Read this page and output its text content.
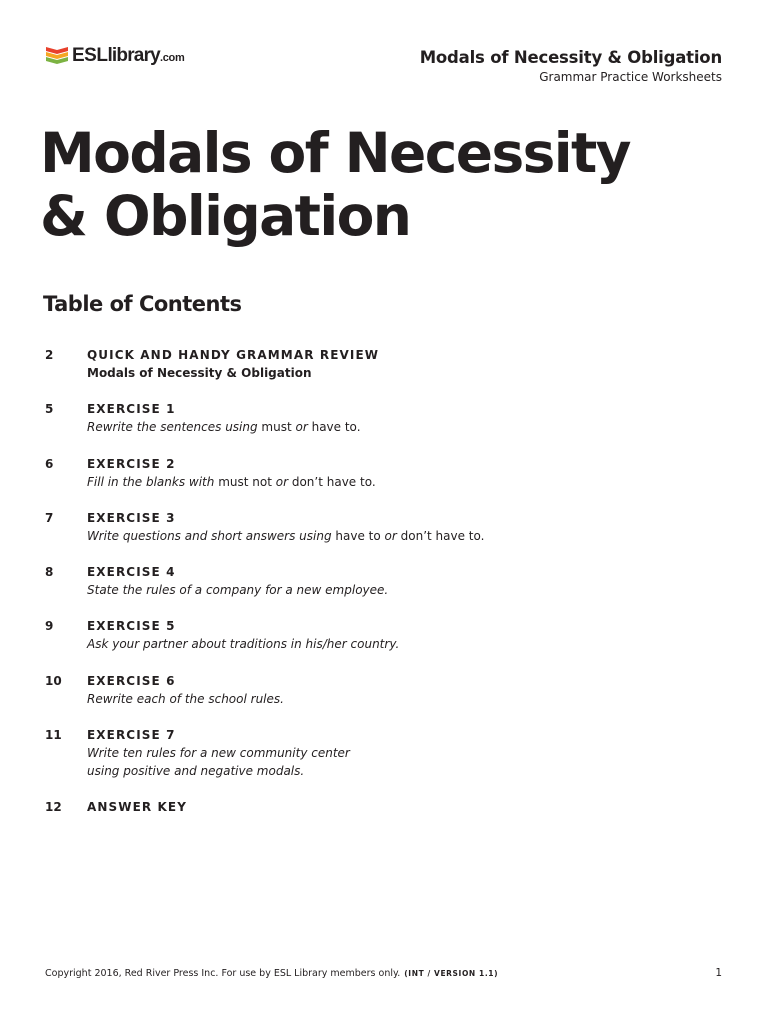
ESLlibrary.com	Modals of Necessity & Obligation
Grammar Practice Worksheets
Modals of Necessity
& Obligation
Table of Contents
2	QUICK AND HANDY GRAMMAR REVIEW
Modals of Necessity & Obligation
5	EXERCISE 1
Rewrite the sentences using must or have to.
6	EXERCISE 2
Fill in the blanks with must not or don’t have to.
7	EXERCISE 3
Write questions and short answers using have to or don’t have to.
8	EXERCISE 4
State the rules of a company for a new employee.
9	EXERCISE 5
Ask your partner about traditions in his/her country.
10 EXERCISE 6
Rewrite each of the school rules.
11 EXERCISE 7
Write ten rules for a new community center
using positive and negative modals.
12 ANSWER KEY
Copyright 2016, Red River Press Inc. For use by ESL Library members only. (INT / VERSION 1.1)	1
